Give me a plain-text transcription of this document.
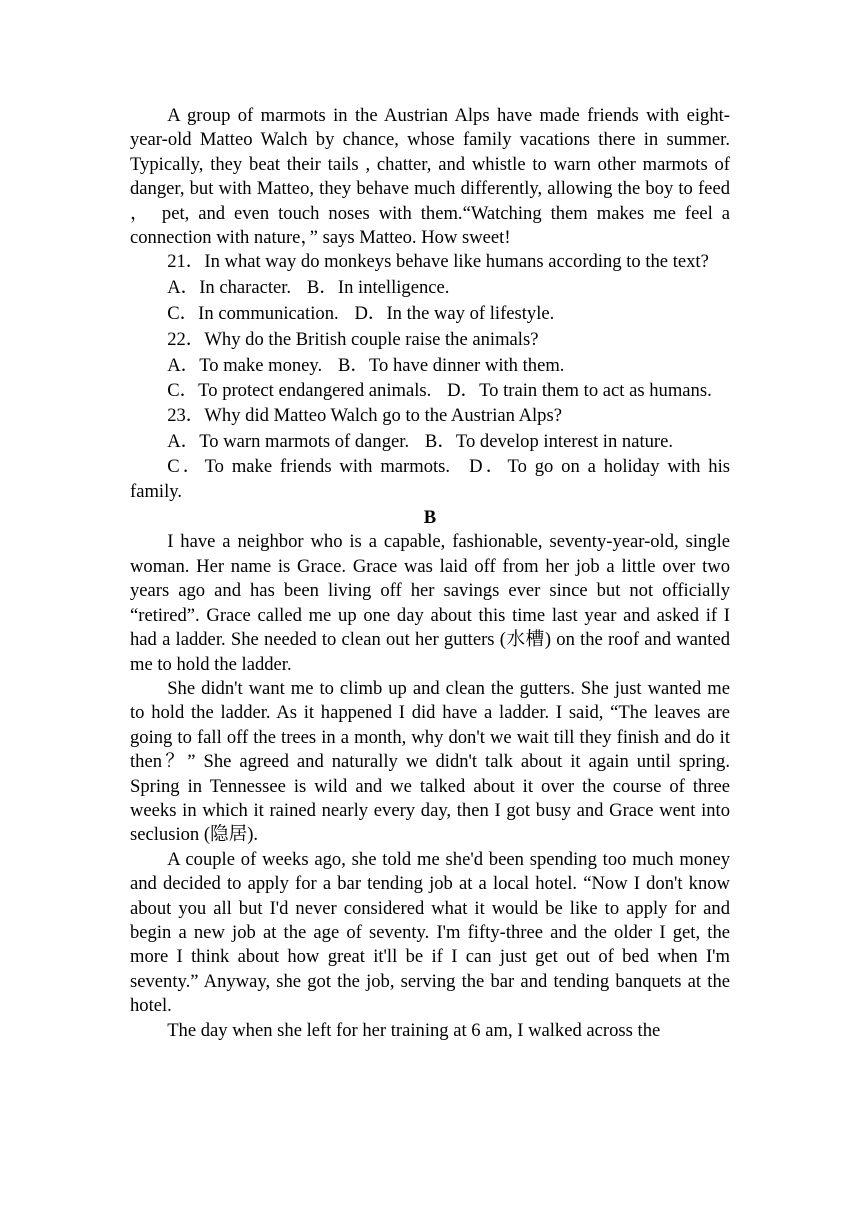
A group of marmots in the Austrian Alps have made friends with eight-year-old Matteo Walch by chance, whose family vacations there in summer. Typically, they beat their tails , chatter, and whistle to warn other marmots of danger, but with Matteo, they behave much differently, allowing the boy to feed ， pet, and even touch noses with them.“Watching them makes me feel a connection with nature，” says Matteo. How sweet!

21．In what way do monkeys behave like humans according to the text?

A．In character. B．In intelligence.

C．In communication. D．In the way of lifestyle.

22．Why do the British couple raise the animals?

A．To make money. B．To have dinner with them.

C．To protect endangered animals. D．To train them to act as humans.

23．Why did Matteo Walch go to the Austrian Alps?

A．To warn marmots of danger. B．To develop interest in nature.

C．To make friends with marmots. D．To go on a holiday with his family.

B

I have a neighbor who is a capable, fashionable, seventy-year-old, single woman. Her name is Grace. Grace was laid off from her job a little over two years ago and has been living off her savings ever since but not officially “retired”. Grace called me up one day about this time last year and asked if I had a ladder. She needed to clean out her gutters (水槽) on the roof and wanted me to hold the ladder.

She didn't want me to climb up and clean the gutters. She just wanted me to hold the ladder. As it happened I did have a ladder. I said, “The leaves are going to fall off the trees in a month, why don't we wait till they finish and do it then？” She agreed and naturally we didn't talk about it again until spring. Spring in Tennessee is wild and we talked about it over the course of three weeks in which it rained nearly every day, then I got busy and Grace went into seclusion (隐居).

A couple of weeks ago, she told me she'd been spending too much money and decided to apply for a bar tending job at a local hotel. “Now I don't know about you all but I'd never considered what it would be like to apply for and begin a new job at the age of seventy. I'm fifty-three and the older I get, the more I think about how great it'll be if I can just get out of bed when I'm seventy.” Anyway, she got the job, serving the bar and tending banquets at the hotel.

The day when she left for her training at 6 am, I walked across the
